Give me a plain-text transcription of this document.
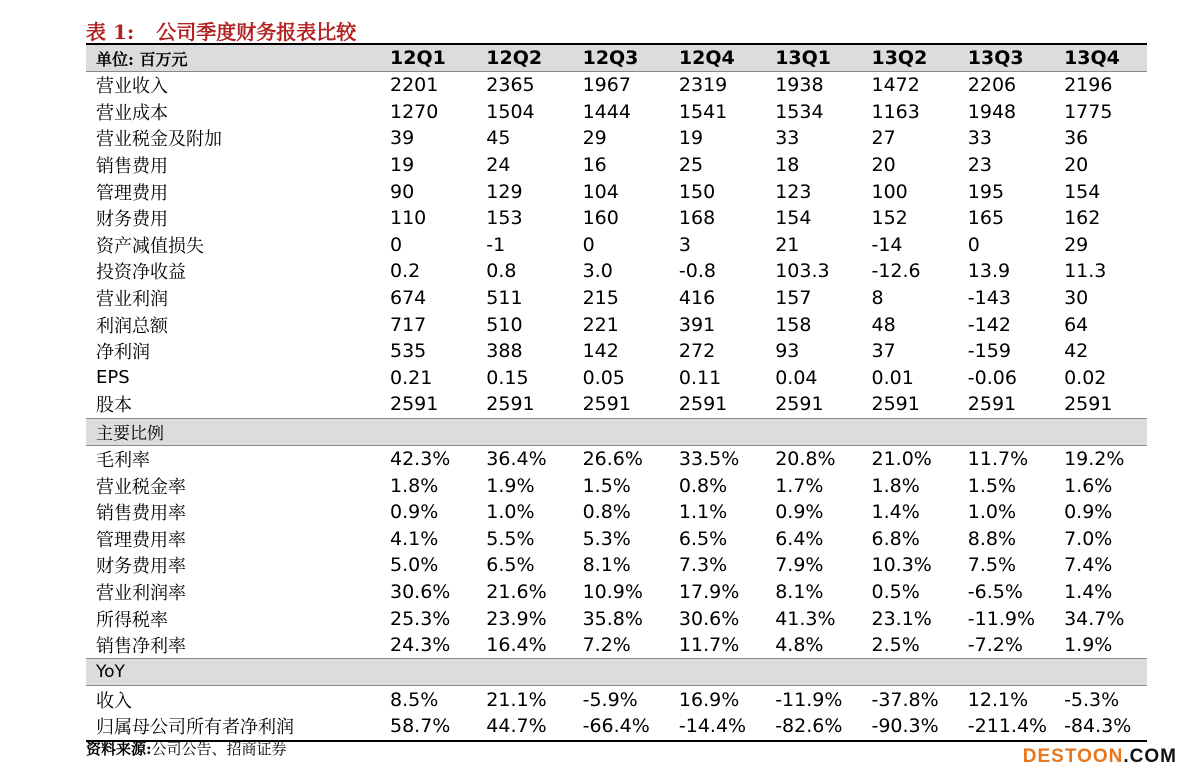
表 1: 公司季度财务报表比较
单位: 百万元	12Q1	12Q2	12Q3	12Q4	13Q1	13Q2	13Q3	13Q4
营业收入	2201	2365	1967	2319	1938	1472	2206	2196
营业成本	1270	1504	1444	1541	1534	1163	1948	1775
营业税金及附加	39	45	29	19	33	27	33	36
销售费用	19	24	16	25	18	20	23	20
管理费用	90	129	104	150	123	100	195	154
财务费用	110	153	160	168	154	152	165	162
资产减值损失	0	-1	0	3	21	-14	0	29
投资净收益	0.2	0.8	3.0	-0.8	103.3	-12.6	13.9	11.3
营业利润	674	511	215	416	157	8	-143	30
利润总额	717	510	221	391	158	48	-142	64
净利润	535	388	142	272	93	37	-159	42
EPS	0.21	0.15	0.05	0.11	0.04	0.01	-0.06	0.02
股本	2591	2591	2591	2591	2591	2591	2591	2591
主要比例
毛利率	42.3%	36.4%	26.6%	33.5%	20.8%	21.0%	11.7%	19.2%
营业税金率	1.8%	1.9%	1.5%	0.8%	1.7%	1.8%	1.5%	1.6%
销售费用率	0.9%	1.0%	0.8%	1.1%	0.9%	1.4%	1.0%	0.9%
管理费用率	4.1%	5.5%	5.3%	6.5%	6.4%	6.8%	8.8%	7.0%
财务费用率	5.0%	6.5%	8.1%	7.3%	7.9%	10.3%	7.5%	7.4%
营业利润率	30.6%	21.6%	10.9%	17.9%	8.1%	0.5%	-6.5%	1.4%
所得税率	25.3%	23.9%	35.8%	30.6%	41.3%	23.1%	-11.9%	34.7%
销售净利率	24.3%	16.4%	7.2%	11.7%	4.8%	2.5%	-7.2%	1.9%
YoY
收入	8.5%	21.1%	-5.9%	16.9%	-11.9%	-37.8%	12.1%	-5.3%
归属母公司所有者净利润	58.7%	44.7%	-66.4%	-14.4%	-82.6%	-90.3%	-211.4% -84.3%
资料来源:公司公告、招商证券	DESTOON.COM
